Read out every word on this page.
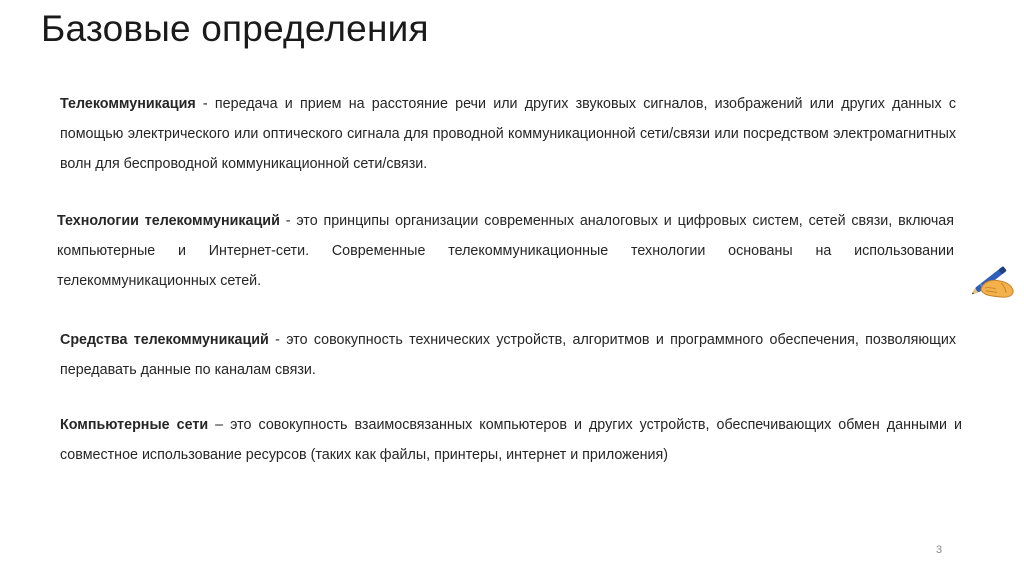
Базовые определения

Телекоммуникация - передача и прием на расстояние речи или других звуковых сигналов, изображений или других данных с помощью электрического или оптического сигнала для проводной коммуникационной сети/связи или посредством электромагнитных волн для беспроводной коммуникационной сети/связи.

Технологии телекоммуникаций - это принципы организации современных аналоговых и цифровых систем, сетей связи, включая компьютерные и Интернет-сети. Современные телекоммуникационные технологии основаны на использовании телекоммуникационных сетей.

Средства телекоммуникаций - это совокупность технических устройств, алгоритмов и программного обеспечения, позволяющих передавать данные по каналам связи.

Компьютерные сети – это совокупность взаимосвязанных компьютеров и других устройств, обеспечивающих обмен данными и совместное использование ресурсов (таких как файлы, принтеры, интернет и приложения)

3
